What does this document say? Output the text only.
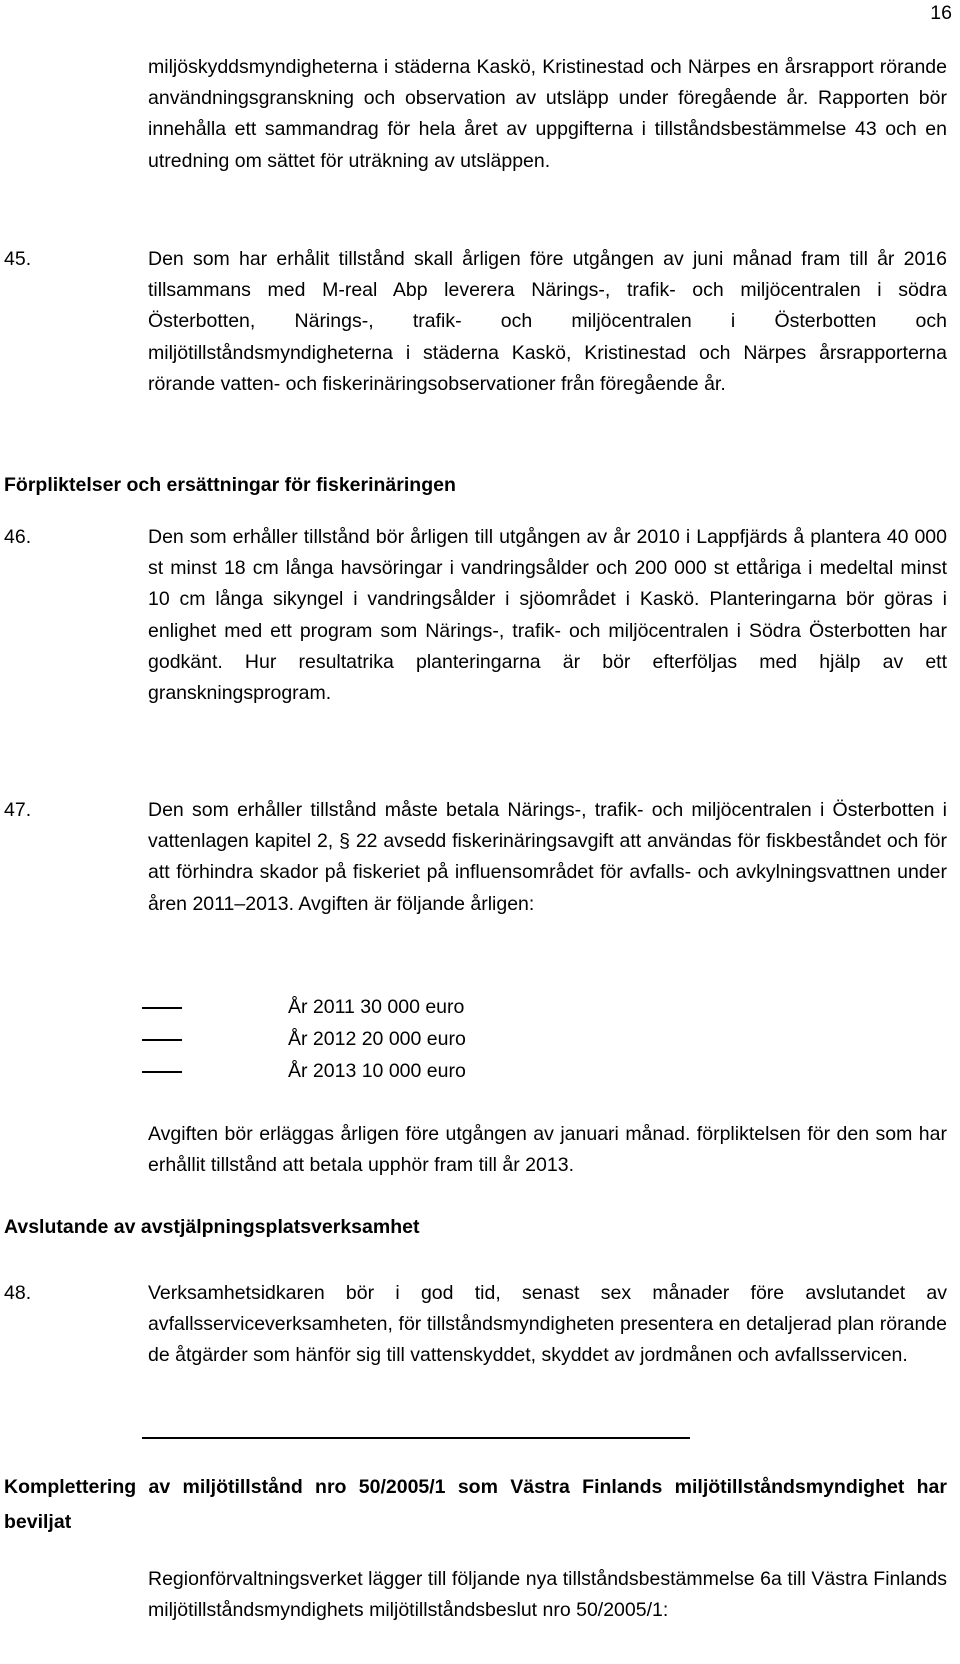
16

miljöskyddsmyndigheterna i städerna Kaskö, Kristinestad och Närpes en årsrapport rörande användningsgranskning och observation av utsläpp under föregående år. Rapporten bör innehålla ett sammandrag för hela året av uppgifterna i tillståndsbestämmelse 43 och en utredning om sättet för uträkning av utsläppen.

45.	Den som har erhålit tillstånd skall årligen före utgången av juni månad fram till år 2016 tillsammans med M-real Abp leverera Närings-, trafik- och miljöcentralen i södra Österbotten, Närings-, trafik- och miljöcentralen i Österbotten och miljötillståndsmyndigheterna i städerna Kaskö, Kristinestad och Närpes årsrapporterna rörande vatten- och fiskerinäringsobservationer från föregående år.
Förpliktelser och ersättningar för fiskerinäringen
46.	Den som erhåller tillstånd bör årligen till utgången av år 2010 i Lappfjärds å plantera 40 000 st minst 18 cm långa havsöringar i vandringsålder och 200 000 st ettåriga i medeltal minst 10 cm långa sikyngel i vandringsålder i sjöområdet i Kaskö. Planteringarna bör göras i enlighet med ett program som Närings-, trafik- och miljöcentralen i Södra Österbotten har godkänt. Hur resultatrika planteringarna är bör efterföljas med hjälp av ett granskningsprogram.
47.	Den som erhåller tillstånd måste betala Närings-, trafik- och miljöcentralen i Österbotten i vattenlagen kapitel 2, § 22 avsedd fiskerinäringsavgift att användas för fiskbeståndet och för att förhindra skador på fiskeriet på influensområdet för avfalls- och avkylningsvattnen under åren 2011–2013. Avgiften är följande årligen:
År 2011 30 000 euro
År 2012 20 000 euro
År 2013 10 000 euro

Avgiften bör erläggas årligen före utgången av januari månad. förpliktelsen för den som har erhållit tillstånd att betala upphör fram till år 2013.

Avslutande av avstjälpningsplatsverksamhet
48.	Verksamhetsidkaren bör i god tid, senast sex månader före avslutandet av avfallsserviceverksamheten, för tillståndsmyndigheten presentera en detaljerad plan rörande de åtgärder som hänför sig till vattenskyddet, skyddet av jordmånen och avfallsservicen.
Komplettering av miljötillstånd nro 50/2005/1 som Västra Finlands miljötillståndsmyndighet har beviljat

Regionförvaltningsverket lägger till följande nya tillståndsbestämmelse 6a till Västra Finlands miljötillståndsmyndighets miljötillståndsbeslut nro 50/2005/1:
